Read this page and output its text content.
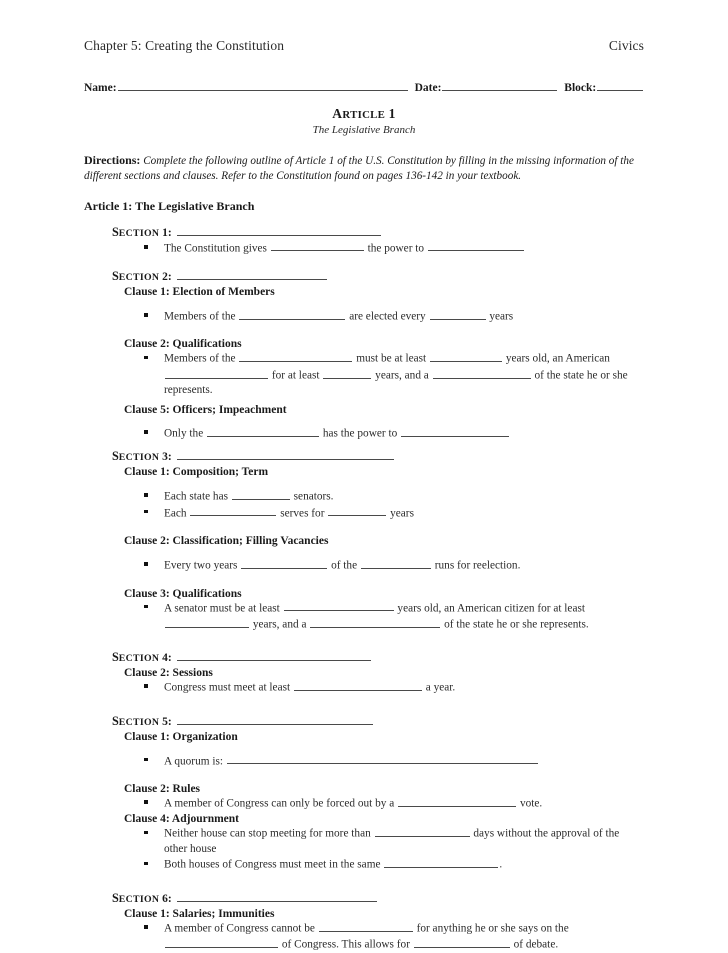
Chapter 5: Creating the Constitution	Civics
Name:	Date:	Block:
ARTICLE 1
The Legislative Branch
Directions: Complete the following outline of Article 1 of the U.S. Constitution by filling in the missing information of the different sections and clauses. Refer to the Constitution found on pages 136-142 in your textbook.
Article 1: The Legislative Branch
SECTION 1:
The Constitution gives	the power to
SECTION 2:
Clause 1: Election of Members
Members of the	are elected every	years
Clause 2: Qualifications
Members of the	must be at least	years old, an American  for at least	years, and a	of the state he or she represents.
Clause 5: Officers; Impeachment
Only the	has the power to
SECTION 3:
Clause 1: Composition; Term
Each state has	senators.
Each	serves for	years
Clause 2: Classification; Filling Vacancies
Every two years	of the	runs for reelection.
Clause 3: Qualifications
A senator must be at least	years old, an American citizen for at least  years, and a	of the state he or she represents.
SECTION 4:
Clause 2: Sessions
Congress must meet at least	a year.
SECTION 5:
Clause 1: Organization
A quorum is:
Clause 2: Rules
A member of Congress can only be forced out by a	vote.
Clause 4: Adjournment
Neither house can stop meeting for more than	days without the approval of the other house
Both houses of Congress must meet in the same	.
SECTION 6:
Clause 1: Salaries; Immunities
A member of Congress cannot be	for anything he or she says on the  of Congress. This allows for	of debate.
